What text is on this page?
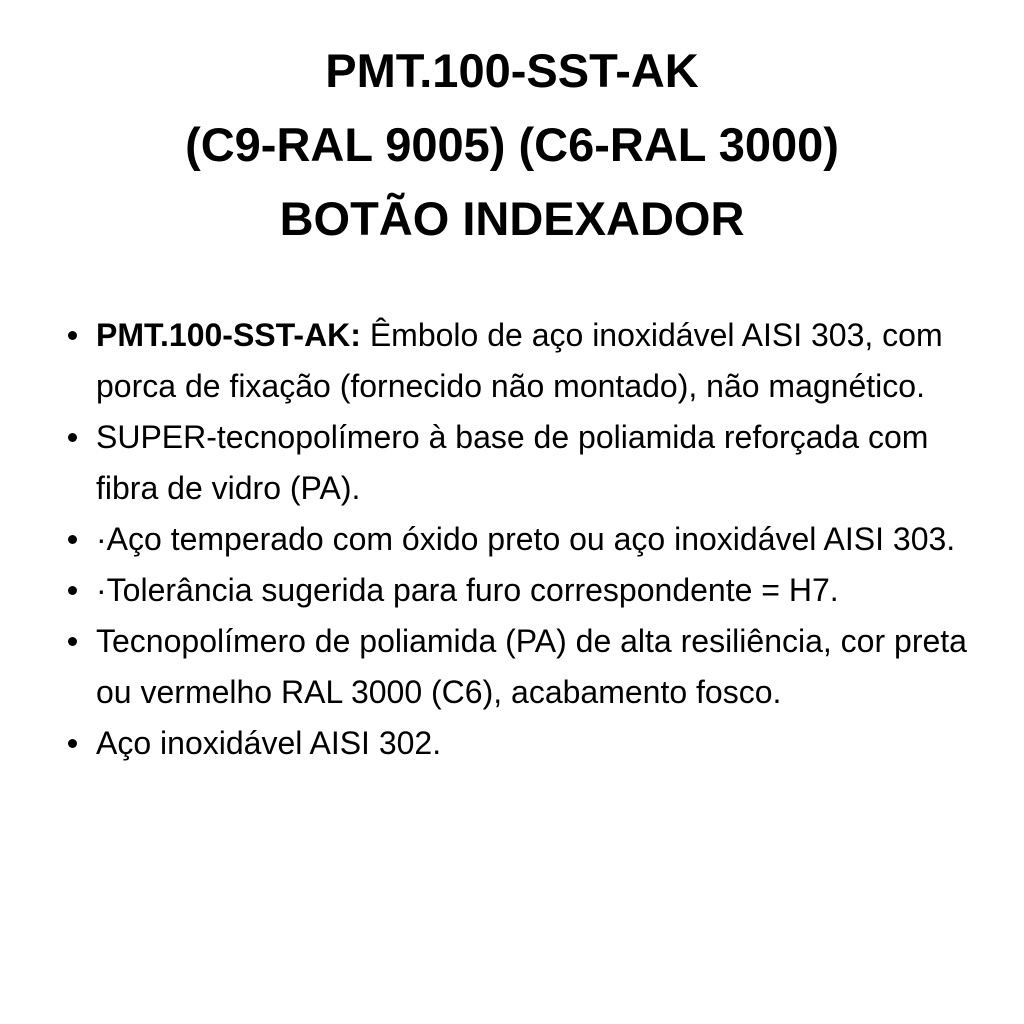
PMT.100-SST-AK

(C9-RAL 9005) (C6-RAL 3000)

BOTÃO INDEXADOR

PMT.100-SST-AK: Êmbolo de aço inoxidável AISI 303, com porca de fixação (fornecido não montado), não magnético.
SUPER-tecnopolímero à base de poliamida reforçada com fibra de vidro (PA).
·Aço temperado com óxido preto ou aço inoxidável AISI 303.
·Tolerância sugerida para furo correspondente = H7.
Tecnopolímero de poliamida (PA) de alta resiliência, cor preta ou vermelho RAL 3000 (C6), acabamento fosco.
Aço inoxidável AISI 302.
